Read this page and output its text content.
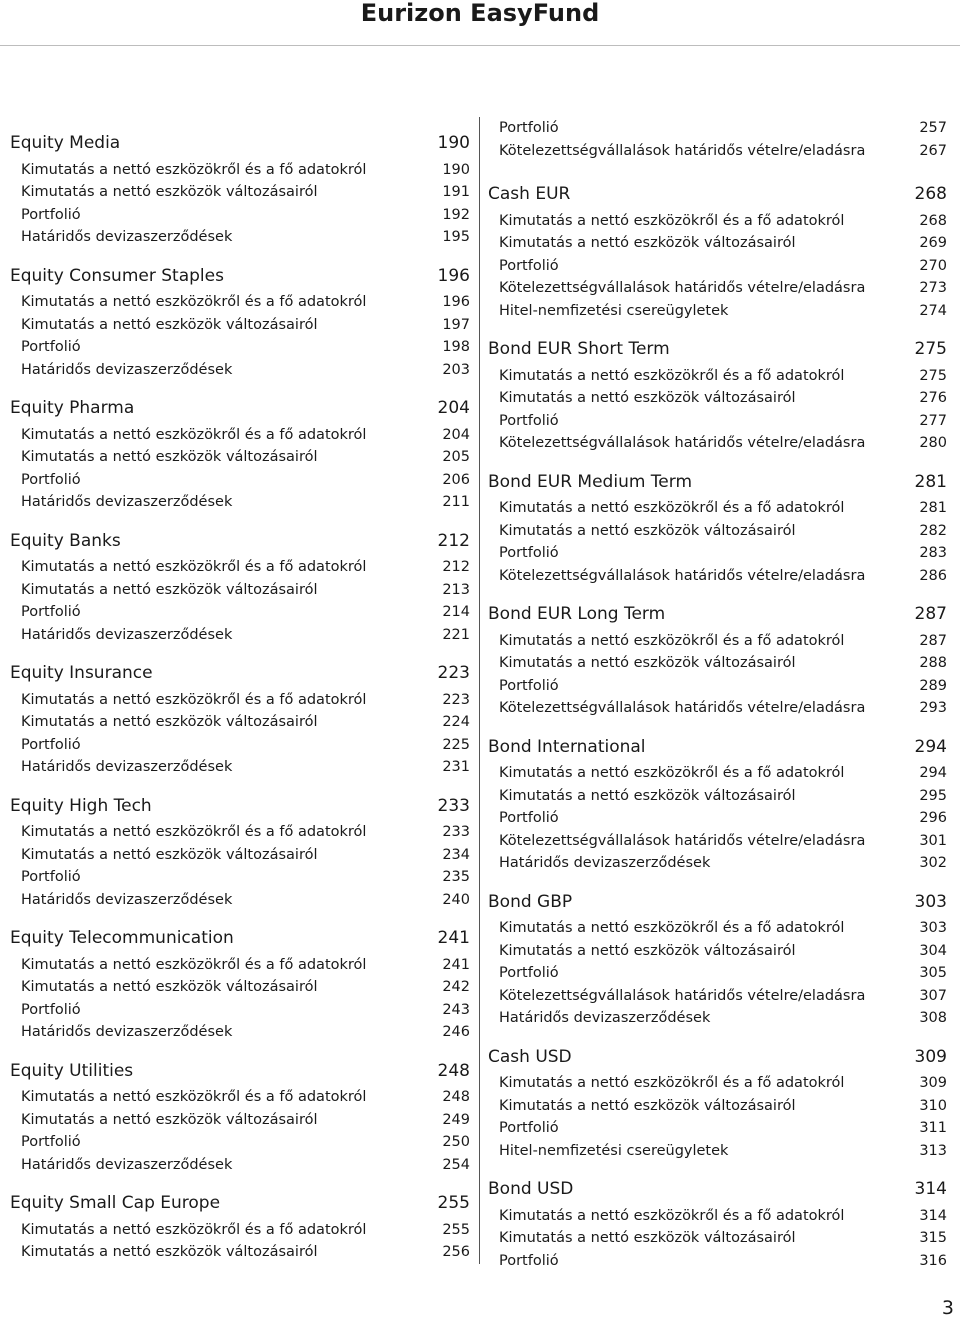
Eurizon EasyFund
Equity Media	190
Kimutatás a nettó eszközökről és a fő adatokról	190
Kimutatás a nettó eszközök változásairól	191
Portfolió	192
Határidős devizaszerződések	195
Equity Consumer Staples	196
Kimutatás a nettó eszközökről és a fő adatokról	196
Kimutatás a nettó eszközök változásairól	197
Portfolió	198
Határidős devizaszerződések	203
Equity Pharma	204
Kimutatás a nettó eszközökről és a fő adatokról	204
Kimutatás a nettó eszközök változásairól	205
Portfolió	206
Határidős devizaszerződések	211
Equity Banks	212
Kimutatás a nettó eszközökről és a fő adatokról	212
Kimutatás a nettó eszközök változásairól	213
Portfolió	214
Határidős devizaszerződések	221
Equity Insurance	223
Kimutatás a nettó eszközökről és a fő adatokról	223
Kimutatás a nettó eszközök változásairól	224
Portfolió	225
Határidős devizaszerződések	231
Equity High Tech	233
Kimutatás a nettó eszközökről és a fő adatokról	233
Kimutatás a nettó eszközök változásairól	234
Portfolió	235
Határidős devizaszerződések	240
Equity Telecommunication	241
Kimutatás a nettó eszközökről és a fő adatokról	241
Kimutatás a nettó eszközök változásairól	242
Portfolió	243
Határidős devizaszerződések	246
Equity Utilities	248
Kimutatás a nettó eszközökről és a fő adatokról	248
Kimutatás a nettó eszközök változásairól	249
Portfolió	250
Határidős devizaszerződések	254
Equity Small Cap Europe	255
Kimutatás a nettó eszközökről és a fő adatokról	255
Kimutatás a nettó eszközök változásairól	256
Portfolió	257
Kötelezettségvállalások határidős vételre/eladásra	267
Cash EUR	268
Kimutatás a nettó eszközökről és a fő adatokról	268
Kimutatás a nettó eszközök változásairól	269
Portfolió	270
Kötelezettségvállalások határidős vételre/eladásra	273
Hitel-nemfizetési csereügyletek	274
Bond EUR Short Term	275
Kimutatás a nettó eszközökről és a fő adatokról	275
Kimutatás a nettó eszközök változásairól	276
Portfolió	277
Kötelezettségvállalások határidős vételre/eladásra	280
Bond EUR Medium Term	281
Kimutatás a nettó eszközökről és a fő adatokról	281
Kimutatás a nettó eszközök változásairól	282
Portfolió	283
Kötelezettségvállalások határidős vételre/eladásra	286
Bond EUR Long Term	287
Kimutatás a nettó eszközökről és a fő adatokról	287
Kimutatás a nettó eszközök változásairól	288
Portfolió	289
Kötelezettségvállalások határidős vételre/eladásra	293
Bond International	294
Kimutatás a nettó eszközökről és a fő adatokról	294
Kimutatás a nettó eszközök változásairól	295
Portfolió	296
Kötelezettségvállalások határidős vételre/eladásra	301
Határidős devizaszerződések	302
Bond GBP	303
Kimutatás a nettó eszközökről és a fő adatokról	303
Kimutatás a nettó eszközök változásairól	304
Portfolió	305
Kötelezettségvállalások határidős vételre/eladásra	307
Határidős devizaszerződések	308
Cash USD	309
Kimutatás a nettó eszközökről és a fő adatokról	309
Kimutatás a nettó eszközök változásairól	310
Portfolió	311
Hitel-nemfizetési csereügyletek	313
Bond USD	314
Kimutatás a nettó eszközökről és a fő adatokról	314
Kimutatás a nettó eszközök változásairól	315
Portfolió	316
3
